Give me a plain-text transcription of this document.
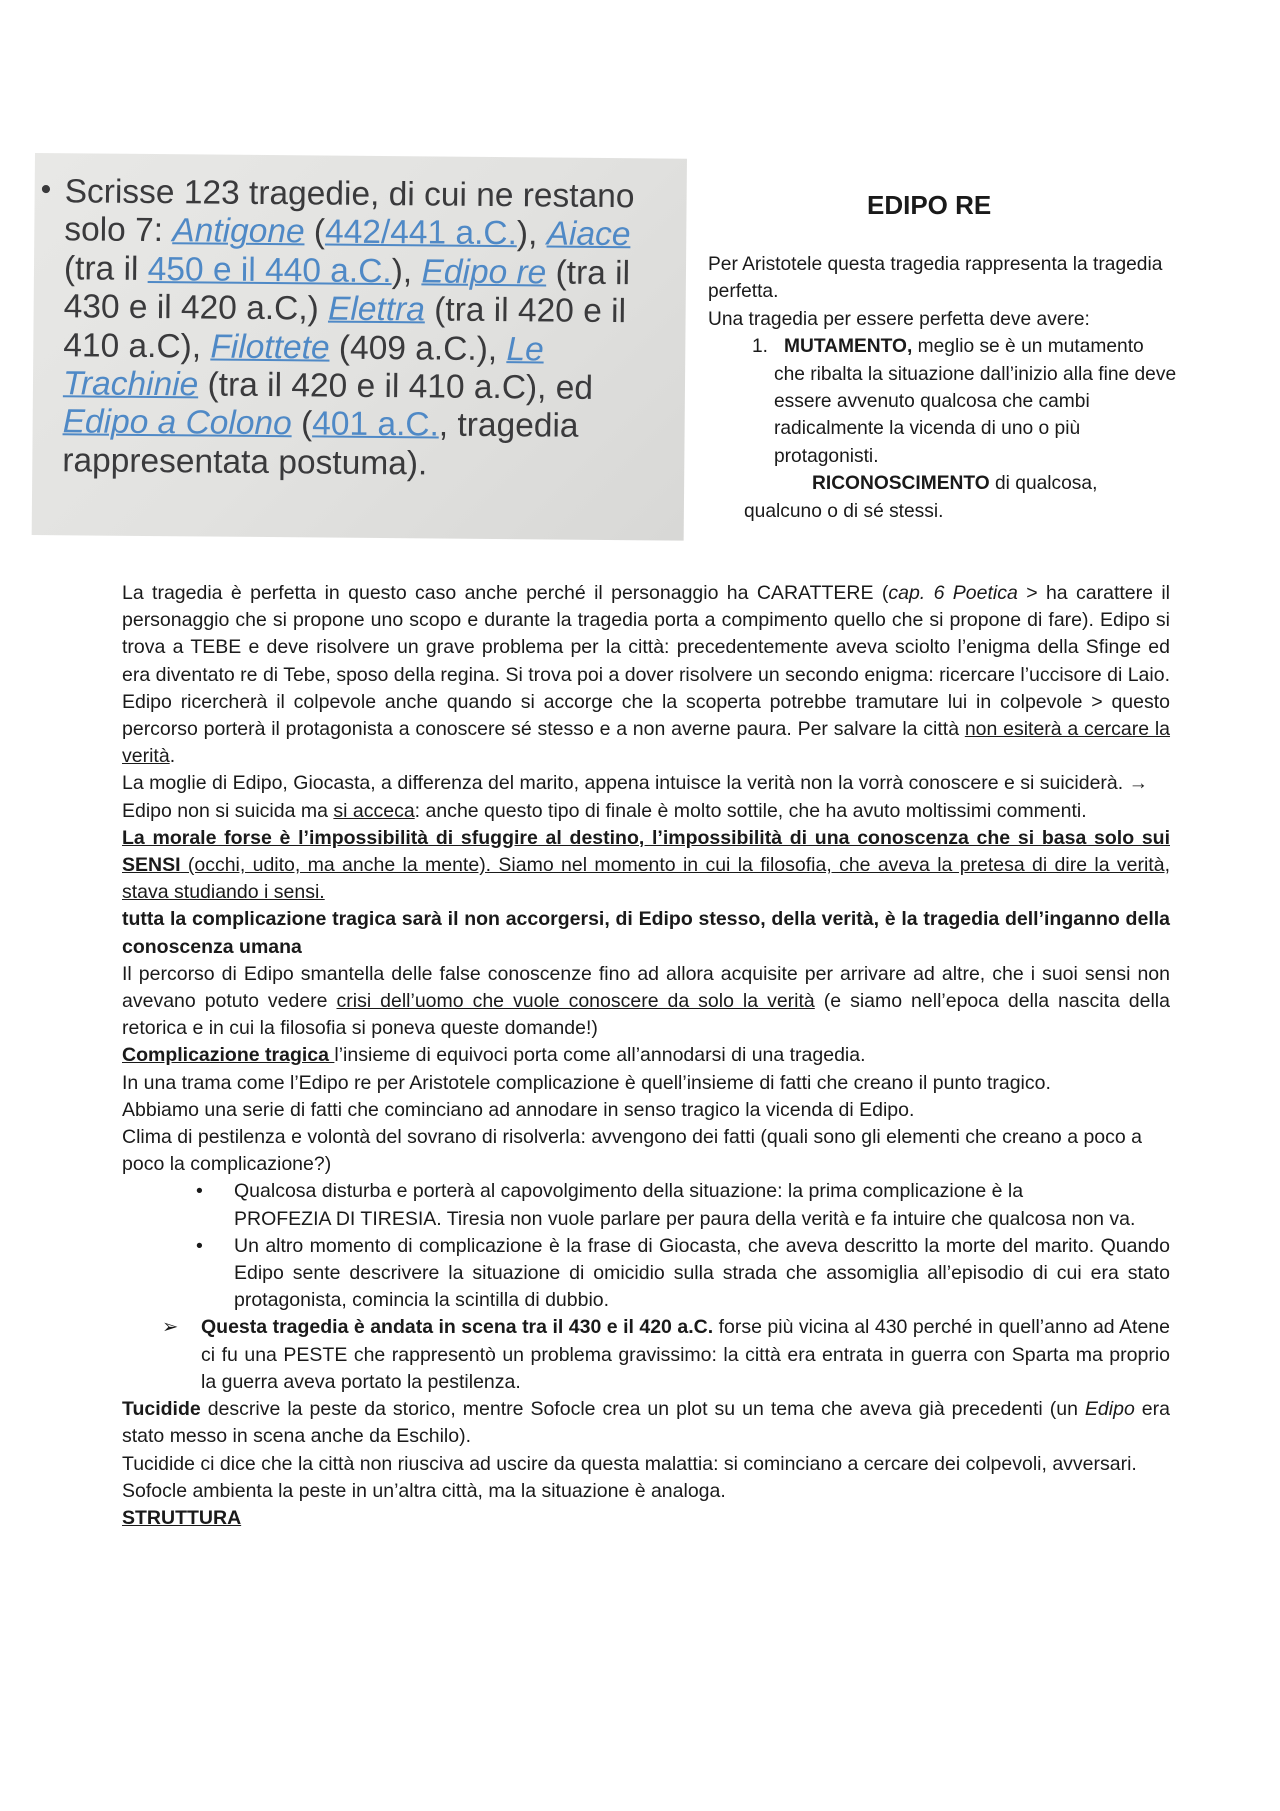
• Scrisse 123 tragedie, di cui ne restano solo 7: Antigone (442/441 a.C.), Aiace (tra il 450 e il 440 a.C.), Edipo re (tra il 430 e il 420 a.C,) Elettra (tra il 420 e il 410 a.C), Filottete (409 a.C.), Le Trachinie (tra il 420 e il 410 a.C), ed Edipo a Colono (401 a.C., tragedia rappresentata postuma).
EDIPO RE

Per Aristotele questa tragedia rappresenta la tragedia perfetta.

Una tragedia per essere perfetta deve avere:

1. MUTAMENTO, meglio se è un mutamento che ribalta la situazione dall’inizio alla fine deve essere avvenuto qualcosa che cambi radicalmente la vicenda di uno o più protagonisti.

RICONOSCIMENTO di qualcosa, qualcuno o di sé stessi.

La tragedia è perfetta in questo caso anche perché il personaggio ha CARATTERE (cap. 6 Poetica > ha carattere il personaggio che si propone uno scopo e durante la tragedia porta a compimento quello che si propone di fare). Edipo si trova a TEBE e deve risolvere un grave problema per la città: precedentemente aveva sciolto l’enigma della Sfinge ed era diventato re di Tebe, sposo della regina. Si trova poi a dover risolvere un secondo enigma: ricercare l’uccisore di Laio. Edipo ricercherà il colpevole anche quando si accorge che la scoperta potrebbe tramutare lui in colpevole > questo percorso porterà il protagonista a conoscere sé stesso e a non averne paura. Per salvare la città non esiterà a cercare la verità.

La moglie di Edipo, Giocasta, a differenza del marito, appena intuisce la verità non la vorrà conoscere e si suiciderà. → Edipo non si suicida ma si acceca: anche questo tipo di finale è molto sottile, che ha avuto moltissimi commenti.

La morale forse è l’impossibilità di sfuggire al destino, l’impossibilità di una conoscenza che si basa solo sui SENSI (occhi, udito, ma anche la mente). Siamo nel momento in cui la filosofia, che aveva la pretesa di dire la verità, stava studiando i sensi.

tutta la complicazione tragica sarà il non accorgersi, di Edipo stesso, della verità, è la tragedia dell’inganno della conoscenza umana

Il percorso di Edipo smantella delle false conoscenze fino ad allora acquisite per arrivare ad altre, che i suoi sensi non avevano potuto vedere crisi dell’uomo che vuole conoscere da solo la verità (e siamo nell’epoca della nascita della retorica e in cui la filosofia si poneva queste domande!)

Complicazione tragica l’insieme di equivoci porta come all’annodarsi di una tragedia.

In una trama come l’Edipo re per Aristotele complicazione è quell’insieme di fatti che creano il punto tragico.

Abbiamo una serie di fatti che cominciano ad annodare in senso tragico la vicenda di Edipo.

Clima di pestilenza e volontà del sovrano di risolverla: avvengono dei fatti (quali sono gli elementi che creano a poco a poco la complicazione?)

• Qualcosa disturba e porterà al capovolgimento della situazione: la prima complicazione è la

PROFEZIA DI TIRESIA. Tiresia non vuole parlare per paura della verità e fa intuire che qualcosa non va.

• Un altro momento di complicazione è la frase di Giocasta, che aveva descritto la morte del marito. Quando Edipo sente descrivere la situazione di omicidio sulla strada che assomiglia all’episodio di cui era stato protagonista, comincia la scintilla di dubbio.

➢ Questa tragedia è andata in scena tra il 430 e il 420 a.C. forse più vicina al 430 perché in quell’anno ad Atene ci fu una PESTE che rappresentò un problema gravissimo: la città era entrata in guerra con Sparta ma proprio la guerra aveva portato la pestilenza.

Tucidide descrive la peste da storico, mentre Sofocle crea un plot su un tema che aveva già precedenti (un Edipo era stato messo in scena anche da Eschilo).

Tucidide ci dice che la città non riusciva ad uscire da questa malattia: si cominciano a cercare dei colpevoli, avversari. Sofocle ambienta la peste in un’altra città, ma la situazione è analoga.

STRUTTURA
